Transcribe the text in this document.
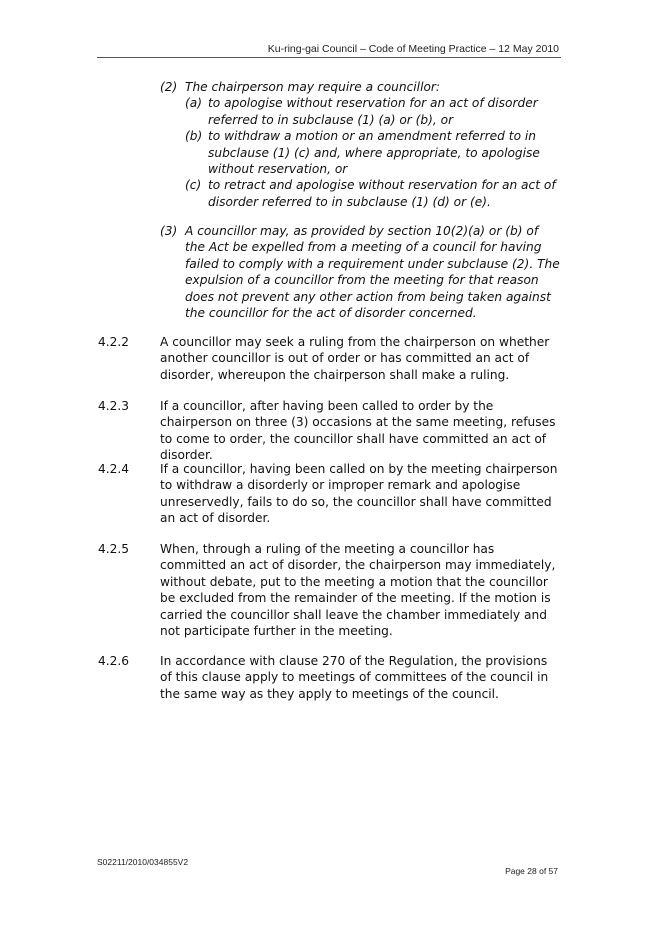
Ku-ring-gai Council – Code of Meeting Practice – 12 May 2010
(2) The chairperson may require a councillor:
(a) to apologise without reservation for an act of disorder referred to in subclause (1) (a) or (b), or
(b) to withdraw a motion or an amendment referred to in subclause (1) (c) and, where appropriate, to apologise without reservation, or
(c) to retract and apologise without reservation for an act of disorder referred to in subclause (1) (d) or (e).
(3) A councillor may, as provided by section 10(2)(a) or (b) of the Act be expelled from a meeting of a council for having failed to comply with a requirement under subclause (2). The expulsion of a councillor from the meeting for that reason does not prevent any other action from being taken against the councillor for the act of disorder concerned.
4.2.2	A councillor may seek a ruling from the chairperson on whether another councillor is out of order or has committed an act of disorder, whereupon the chairperson shall make a ruling.
4.2.3	If a councillor, after having been called to order by the chairperson on three (3) occasions at the same meeting, refuses to come to order, the councillor shall have committed an act of disorder.
4.2.4	If a councillor, having been called on by the meeting chairperson to withdraw a disorderly or improper remark and apologise unreservedly, fails to do so, the councillor shall have committed an act of disorder.
4.2.5	When, through a ruling of the meeting a councillor has committed an act of disorder, the chairperson may immediately, without debate, put to the meeting a motion that the councillor be excluded from the remainder of the meeting. If the motion is carried the councillor shall leave the chamber immediately and not participate further in the meeting.
4.2.6	In accordance with clause 270 of the Regulation, the provisions of this clause apply to meetings of committees of the council in the same way as they apply to meetings of the council.
S02211/2010/034855V2
Page 28 of 57
